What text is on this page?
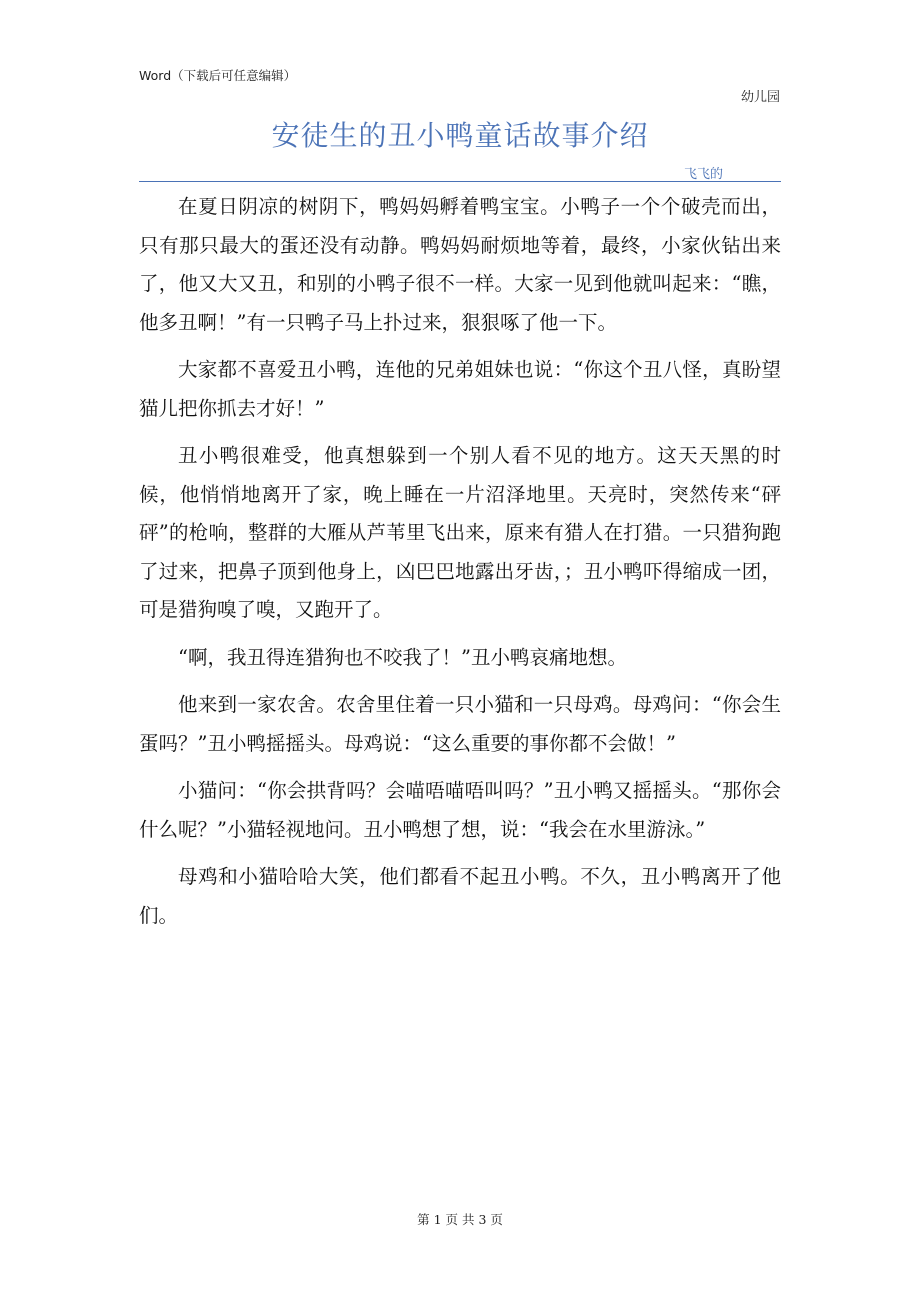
Word（下载后可任意编辑）
幼儿园
安徒生的丑小鸭童话故事介绍
飞飞的

在夏日阴凉的树阴下，鸭妈妈孵着鸭宝宝。小鸭子一个个破壳而出，只有那只最大的蛋还没有动静。鸭妈妈耐烦地等着，最终，小家伙钻出来了，他又大又丑，和别的小鸭子很不一样。大家一见到他就叫起来：“瞧，他多丑啊！”有一只鸭子马上扑过来，狠狠啄了他一下。

大家都不喜爱丑小鸭，连他的兄弟姐妹也说：“你这个丑八怪，真盼望猫儿把你抓去才好！”

丑小鸭很难受，他真想躲到一个别人看不见的地方。这天天黑的时候，他悄悄地离开了家，晚上睡在一片沼泽地里。天亮时，突然传来“砰砰”的枪响，整群的大雁从芦苇里飞出来，原来有猎人在打猎。一只猎狗跑了过来，把鼻子顶到他身上，凶巴巴地露出牙齿，；丑小鸭吓得缩成一团，可是猎狗嗅了嗅，又跑开了。

“啊，我丑得连猎狗也不咬我了！”丑小鸭哀痛地想。

他来到一家农舍。农舍里住着一只小猫和一只母鸡。母鸡问：“你会生蛋吗？”丑小鸭摇摇头。母鸡说：“这么重要的事你都不会做！”

小猫问：“你会拱背吗？会喵唔喵唔叫吗？”丑小鸭又摇摇头。“那你会什么呢？”小猫轻视地问。丑小鸭想了想，说：“我会在水里游泳。”

母鸡和小猫哈哈大笑，他们都看不起丑小鸭。不久，丑小鸭离开了他们。

第 1 页 共 3 页
